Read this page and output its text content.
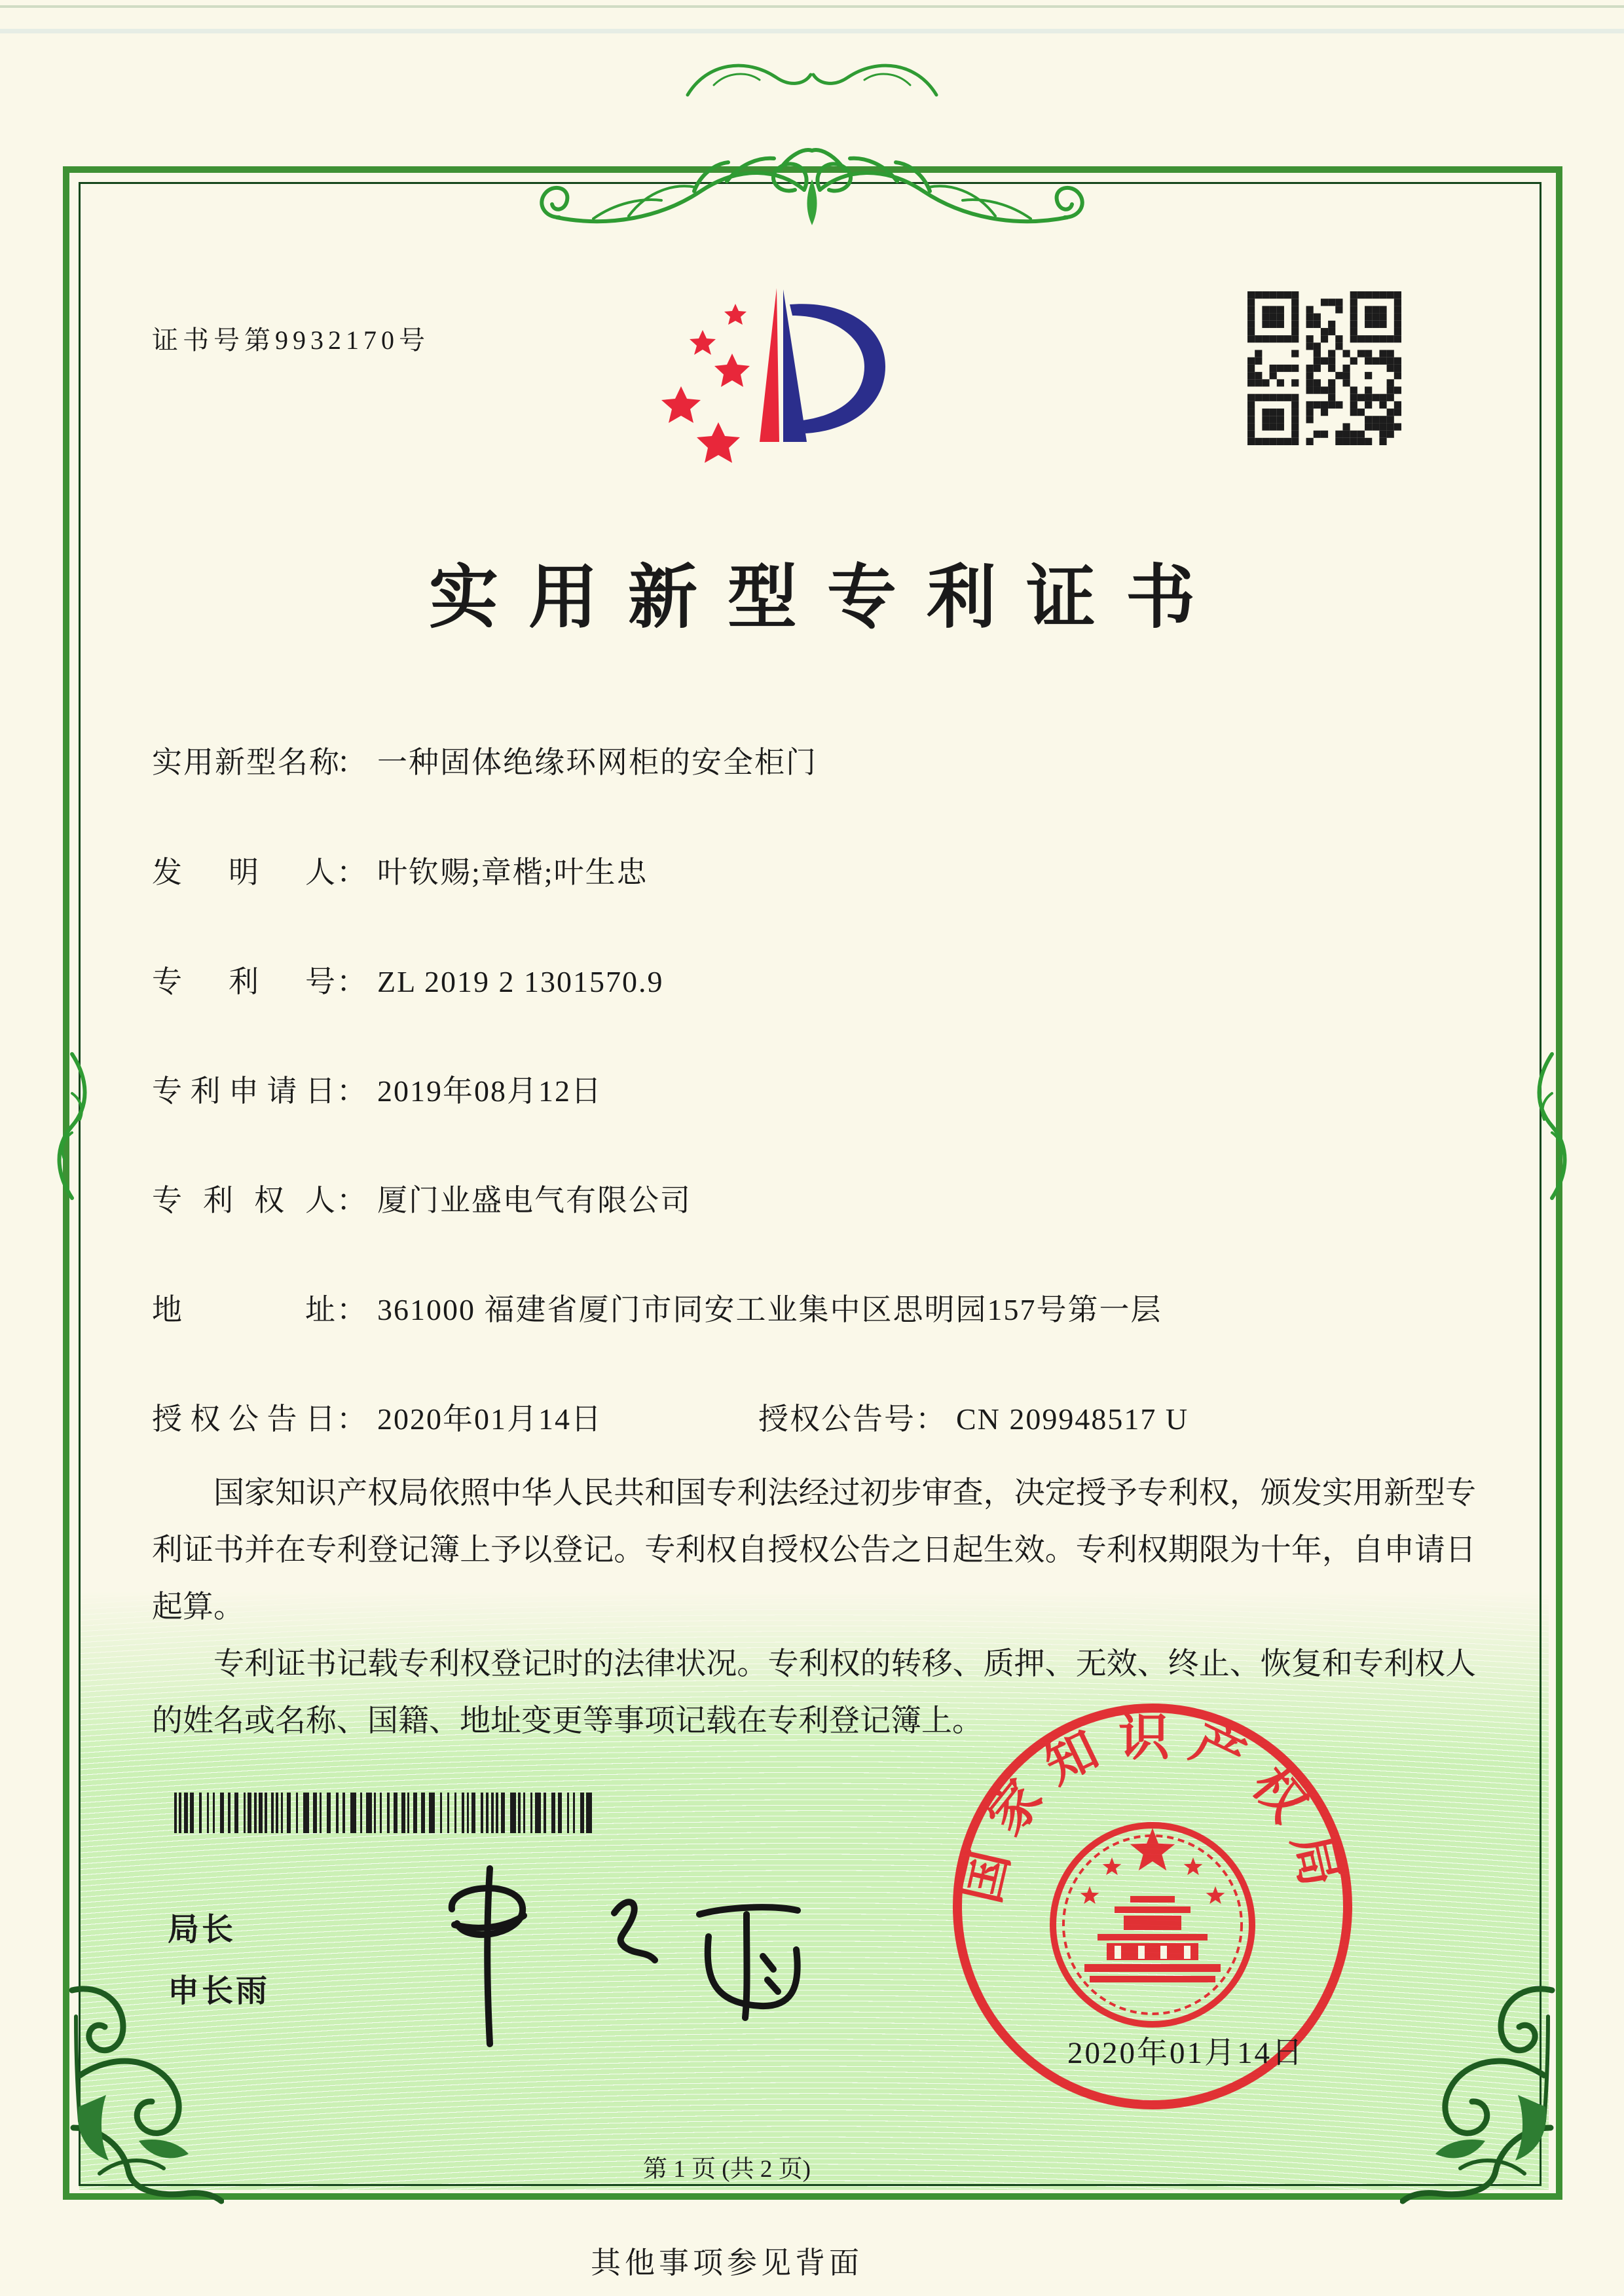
证书号第9932170号
实用新型专利证书
实用新型名称： 一种固体绝缘环网柜的安全柜门
发明人： 叶钦赐;章楷;叶生忠
专利号： ZL 2019 2 1301570.9
专利申请日： 2019年08月12日
专利权人： 厦门业盛电气有限公司
地址： 361000 福建省厦门市同安工业集中区思明园157号第一层
授权公告日： 2020年01月14日	授权公告号： CN 209948517 U

国家知识产权局依照中华人民共和国专利法经过初步审查，决定授予专利权，颁发实用新型专利证书并在专利登记簿上予以登记。专利权自授权公告之日起生效。专利权期限为十年，自申请日起算。

专利证书记载专利权登记时的法律状况。专利权的转移、质押、无效、终止、恢复和专利权人的姓名或名称、国籍、地址变更等事项记载在专利登记簿上。

局长
申长雨
国家知识产权局
2020年01月14日
第 1 页 (共 2 页)
其他事项参见背面
